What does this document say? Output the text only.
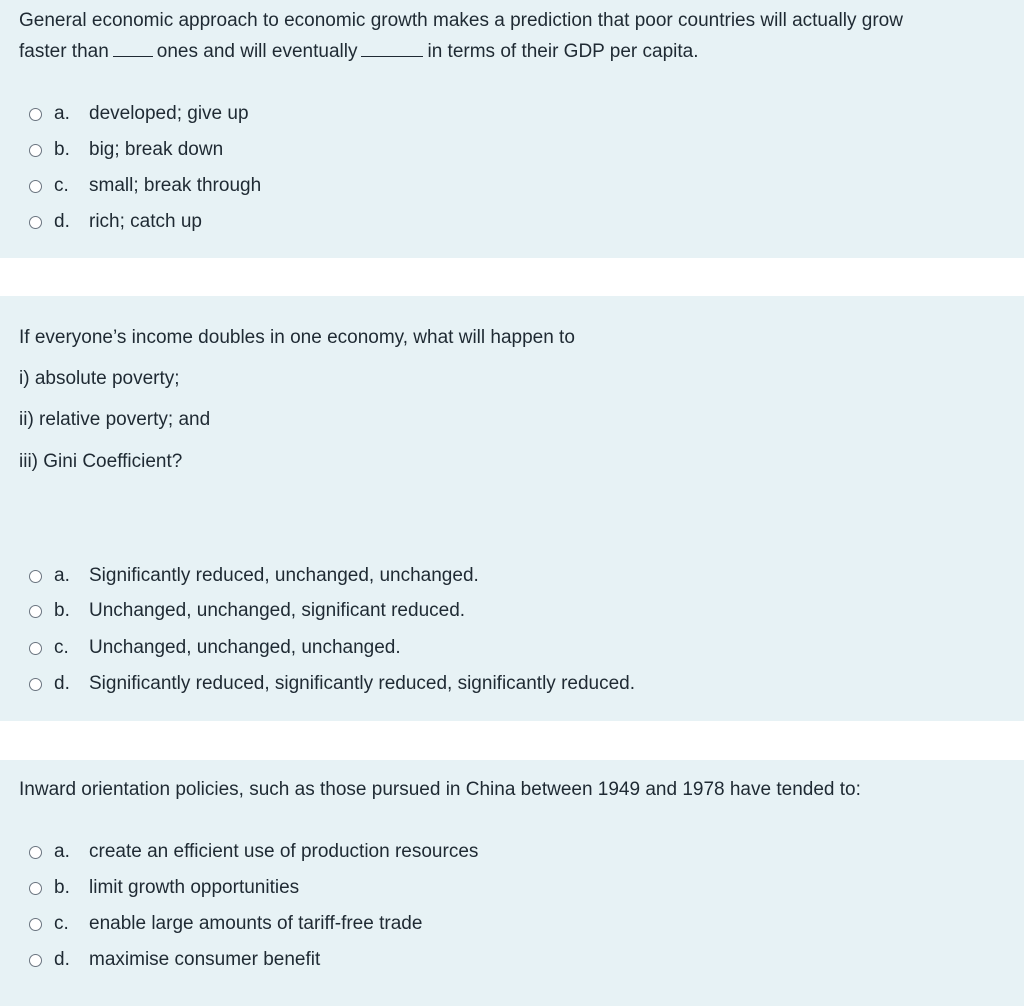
General economic approach to economic growth makes a prediction that poor countries will actually grow
faster than	ones and will eventually	in terms of their GDP per capita.
a.	developed; give up
b.	big; break down
c.	small; break through
d.	rich; catch up
If everyone’s income doubles in one economy, what will happen to
i) absolute poverty;
ii) relative poverty; and
iii) Gini Coefficient?
a.	Significantly reduced, unchanged, unchanged.
b.	Unchanged, unchanged, significant reduced.
c.	Unchanged, unchanged, unchanged.
d.	Significantly reduced, significantly reduced, significantly reduced.
Inward orientation policies, such as those pursued in China between 1949 and 1978 have tended to:
a.	create an efficient use of production resources
b.	limit growth opportunities
c.	enable large amounts of tariff-free trade
d.	maximise consumer benefit
